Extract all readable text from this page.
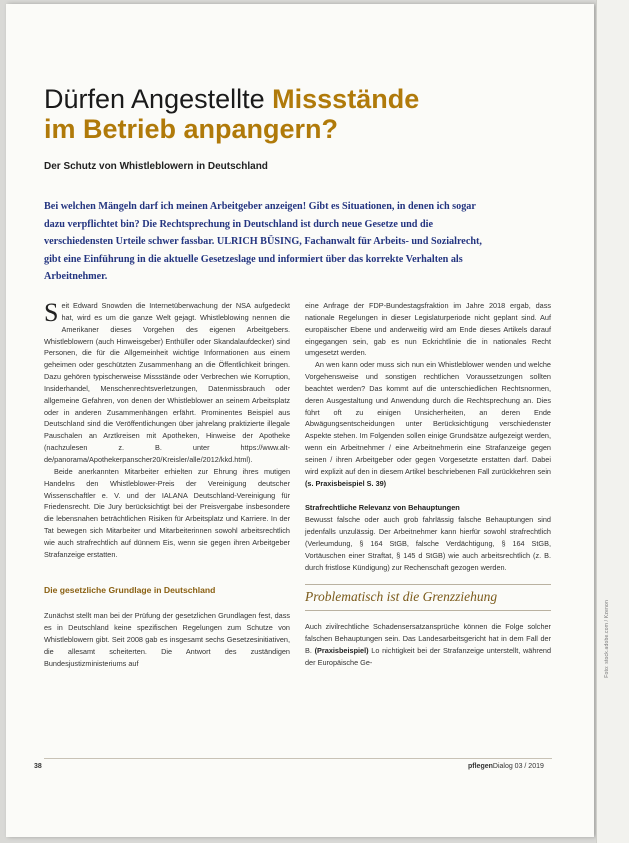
Foto: stock.adobe.com / Kzenon
Dürfen Angestellte Missstände
im Betrieb anpangern?
Der Schutz von Whistleblowern in Deutschland
Bei welchen Mängeln darf ich meinen Arbeitgeber anzeigen! Gibt es Situationen, in denen ich sogar dazu verpflichtet bin? Die Rechtsprechung in Deutschland ist durch neue Gesetze und die verschiedensten Urteile schwer fassbar. ULRICH BÜSING, Fachanwalt für Arbeits- und Sozialrecht, gibt eine Einführung in die aktuelle Gesetzeslage und informiert über das korrekte Verhalten als Arbeitnehmer.

Seit Edward Snowden die Internetüberwachung der NSA aufgedeckt hat, wird es um die ganze Welt gejagt. Whistleblowing nennen die Amerikaner dieses Vorgehen des eigenen Arbeitgebers. Whistleblowern (auch Hinweisgeber) Enthüller oder Skandalaufdecker) sind Personen, die für die Allgemeinheit wichtige Informationen aus einem geheimen oder geschützten Zusammenhang an die Öffentlichkeit bringen. Dazu gehören typischerweise Missstände oder Verbrechen wie Korruption, Insiderhandel, Menschenrechtsverletzungen, Datenmissbrauch oder allgemeine Gefahren, von denen der Whistleblower an seinem Arbeitsplatz oder in anderen Zusammenhängen erfährt. Prominentes Beispiel aus Deutschland sind die Veröffentlichungen über jahrelang praktizierte illegale Pauschalen an Arztkreisen mit Apotheken, Hinweise der Apotheke (nachzulesen z. B. unter https://www.alt-de/panorama/Apothekerpanscher20/Kreisler/alle/2012/kkd.html).

Beide anerkannten Mitarbeiter erhielten zur Ehrung ihres mutigen Handelns den Whistleblower-Preis der Vereinigung deutscher Wissenschaftler e. V. und der IALANA Deutschland-Vereinigung für Friedensrecht. Die Jury berücksichtigt bei der Preisvergabe insbesondere die lebensnahen beträchtlichen Risiken für Arbeitsplatz und Karriere. In der Tat bewegen sich Mitarbeiter und Mitarbeiterinnen sowohl arbeitsrechtlich wie auch strafrechtlich auf dünnem Eis, wenn sie gegen ihren Arbeitgeber Strafanzeige erstatten.

Die gesetzliche Grundlage in Deutschland

Zunächst stellt man bei der Prüfung der gesetzlichen Grundlagen fest, dass es in Deutschland keine spezifischen Regelungen zum Schutze von Whistleblowern gibt. Seit 2008 gab es insgesamt sechs Gesetzesinitiativen, die allesamt scheiterten. Die Antwort des zuständigen Bundesjustizministeriums auf

eine Anfrage der FDP-Bundestagsfraktion im Jahre 2018 ergab, dass nationale Regelungen in dieser Legislaturperiode nicht geplant sind. Auf europäischer Ebene und anderweitig wird am Ende dieses Artikels darauf eingegangen sein, gab es nun Eckrichtlinie die in nationales Recht umgesetzt werden.

An wen kann oder muss sich nun ein Whistleblower wenden und welche Vorgehensweise und sonstigen rechtlichen Voraussetzungen sollten beachtet werden? Das kommt auf die unterschiedlichen Rechtsnormen, deren Ausgestaltung und Anwendung durch die Rechtsprechung an. Dies führt oft zu einigen Unsicherheiten, an deren Ende Abwägungsentscheidungen unter Berücksichtigung verschiedenster Aspekte stehen. Im Folgenden sollen einige Grundsätze aufgezeigt werden, wenn ein Arbeitnehmer / eine Arbeitnehmerin eine Strafanzeige gegen seinen / ihren Arbeitgeber oder gegen Vorgesetzte erstatten darf. Dabei wird explizit auf den in diesem Artikel beschriebenen Fall zurückkehren sein (s. Praxisbeispiel S. 39)

Strafrechtliche Relevanz von Behauptungen

Bewusst falsche oder auch grob fahrlässig falsche Behauptungen sind jedenfalls unzulässig. Der Arbeitnehmer kann hierfür sowohl strafrechtlich (Verleumdung, § 164 StGB, falsche Verdächtigung, § 164 StGB, Vortäuschen einer Straftat, § 145 d StGB) wie auch arbeitsrechtlich (z. B. durch fristlose Kündigung) zur Rechenschaft gezogen werden.

Problematisch ist die Grenzziehung

Auch zivilrechtliche Schadensersatzansprüche können die Folge solcher falschen Behauptungen sein. Das Landesarbeitsgericht hat in dem Fall der B. (Praxisbeispiel) Lo nichtigkeit bei der Strafanzeige unterstellt, während der Europäische Ge-

38	pflegenDialog 03 / 2019
